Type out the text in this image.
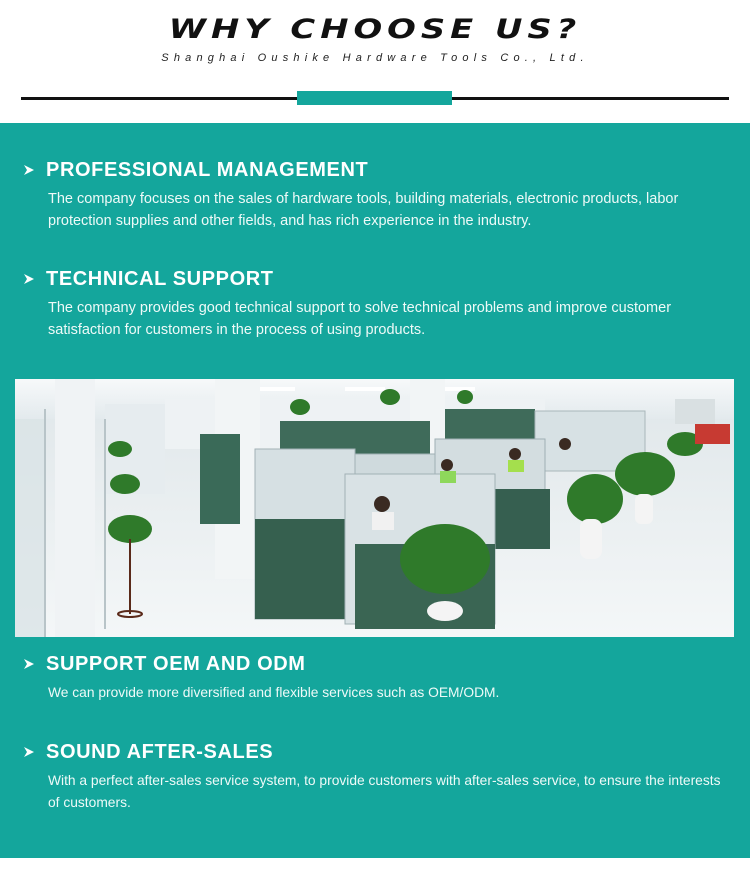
WHY CHOOSE US?
Shanghai Oushike Hardware Tools Co., Ltd.
PROFESSIONAL MANAGEMENT
The company focuses on the sales of hardware tools, building materials, electronic products, labor protection supplies and other fields, and has rich experience in the industry.
TECHNICAL SUPPORT
The company provides good technical support to solve technical problems and improve customer satisfaction for customers in the process of using products.
SUPPORT OEM AND ODM
We can provide more diversified and flexible services such as OEM/ODM.
SOUND AFTER-SALES
With a perfect after-sales service system, to provide customers with after-sales service, to ensure the interests of customers.
